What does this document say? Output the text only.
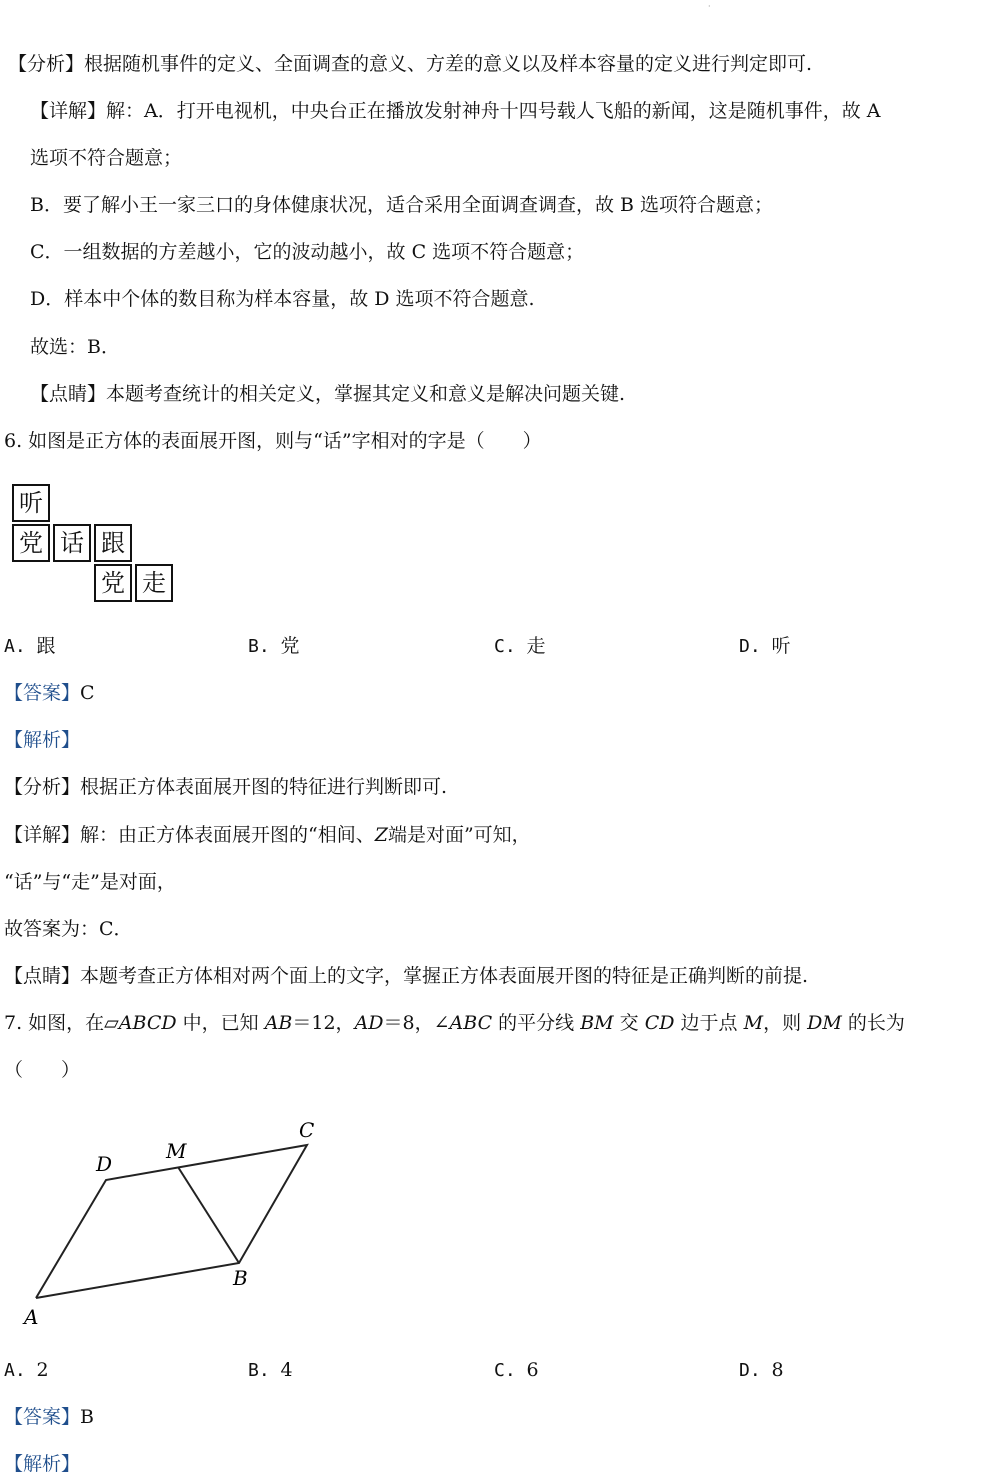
·
【分析】根据随机事件的定义、全面调查的意义、方差的意义以及样本容量的定义进行判定即可.
【详解】解：A．打开电视机，中央台正在播放发射神舟十四号载人飞船的新闻，这是随机事件，故 A
选项不符合题意；
B．要了解小王一家三口的身体健康状况，适合采用全面调查调查，故 B 选项符合题意；
C．一组数据的方差越小，它的波动越小，故 C 选项不符合题意；
D．样本中个体的数目称为样本容量，故 D 选项不符合题意.
故选：B．
【点睛】本题考查统计的相关定义，掌握其定义和意义是解决问题关键.
6. 如图是正方体的表面展开图，则与“话”字相对的字是（　　）
听
党 话 跟
党 走
A. 跟	B. 党	C. 走	D. 听
【答案】C
【解析】
【分析】根据正方体表面展开图的特征进行判断即可.
【详解】解：由正方体表面展开图的“相间、Z端是对面”可知，
“话”与“走”是对面，
故答案为：C．
【点睛】本题考查正方体相对两个面上的文字，掌握正方体表面展开图的特征是正确判断的前提.
7. 如图，在▱ABCD 中，已知 AB＝12，AD＝8，∠ABC 的平分线 BM 交 CD 边于点 M，则 DM 的长为
（　　）
A
B
C
D
M
A. 2	B. 4	C. 6	D. 8
【答案】B
【解析】
